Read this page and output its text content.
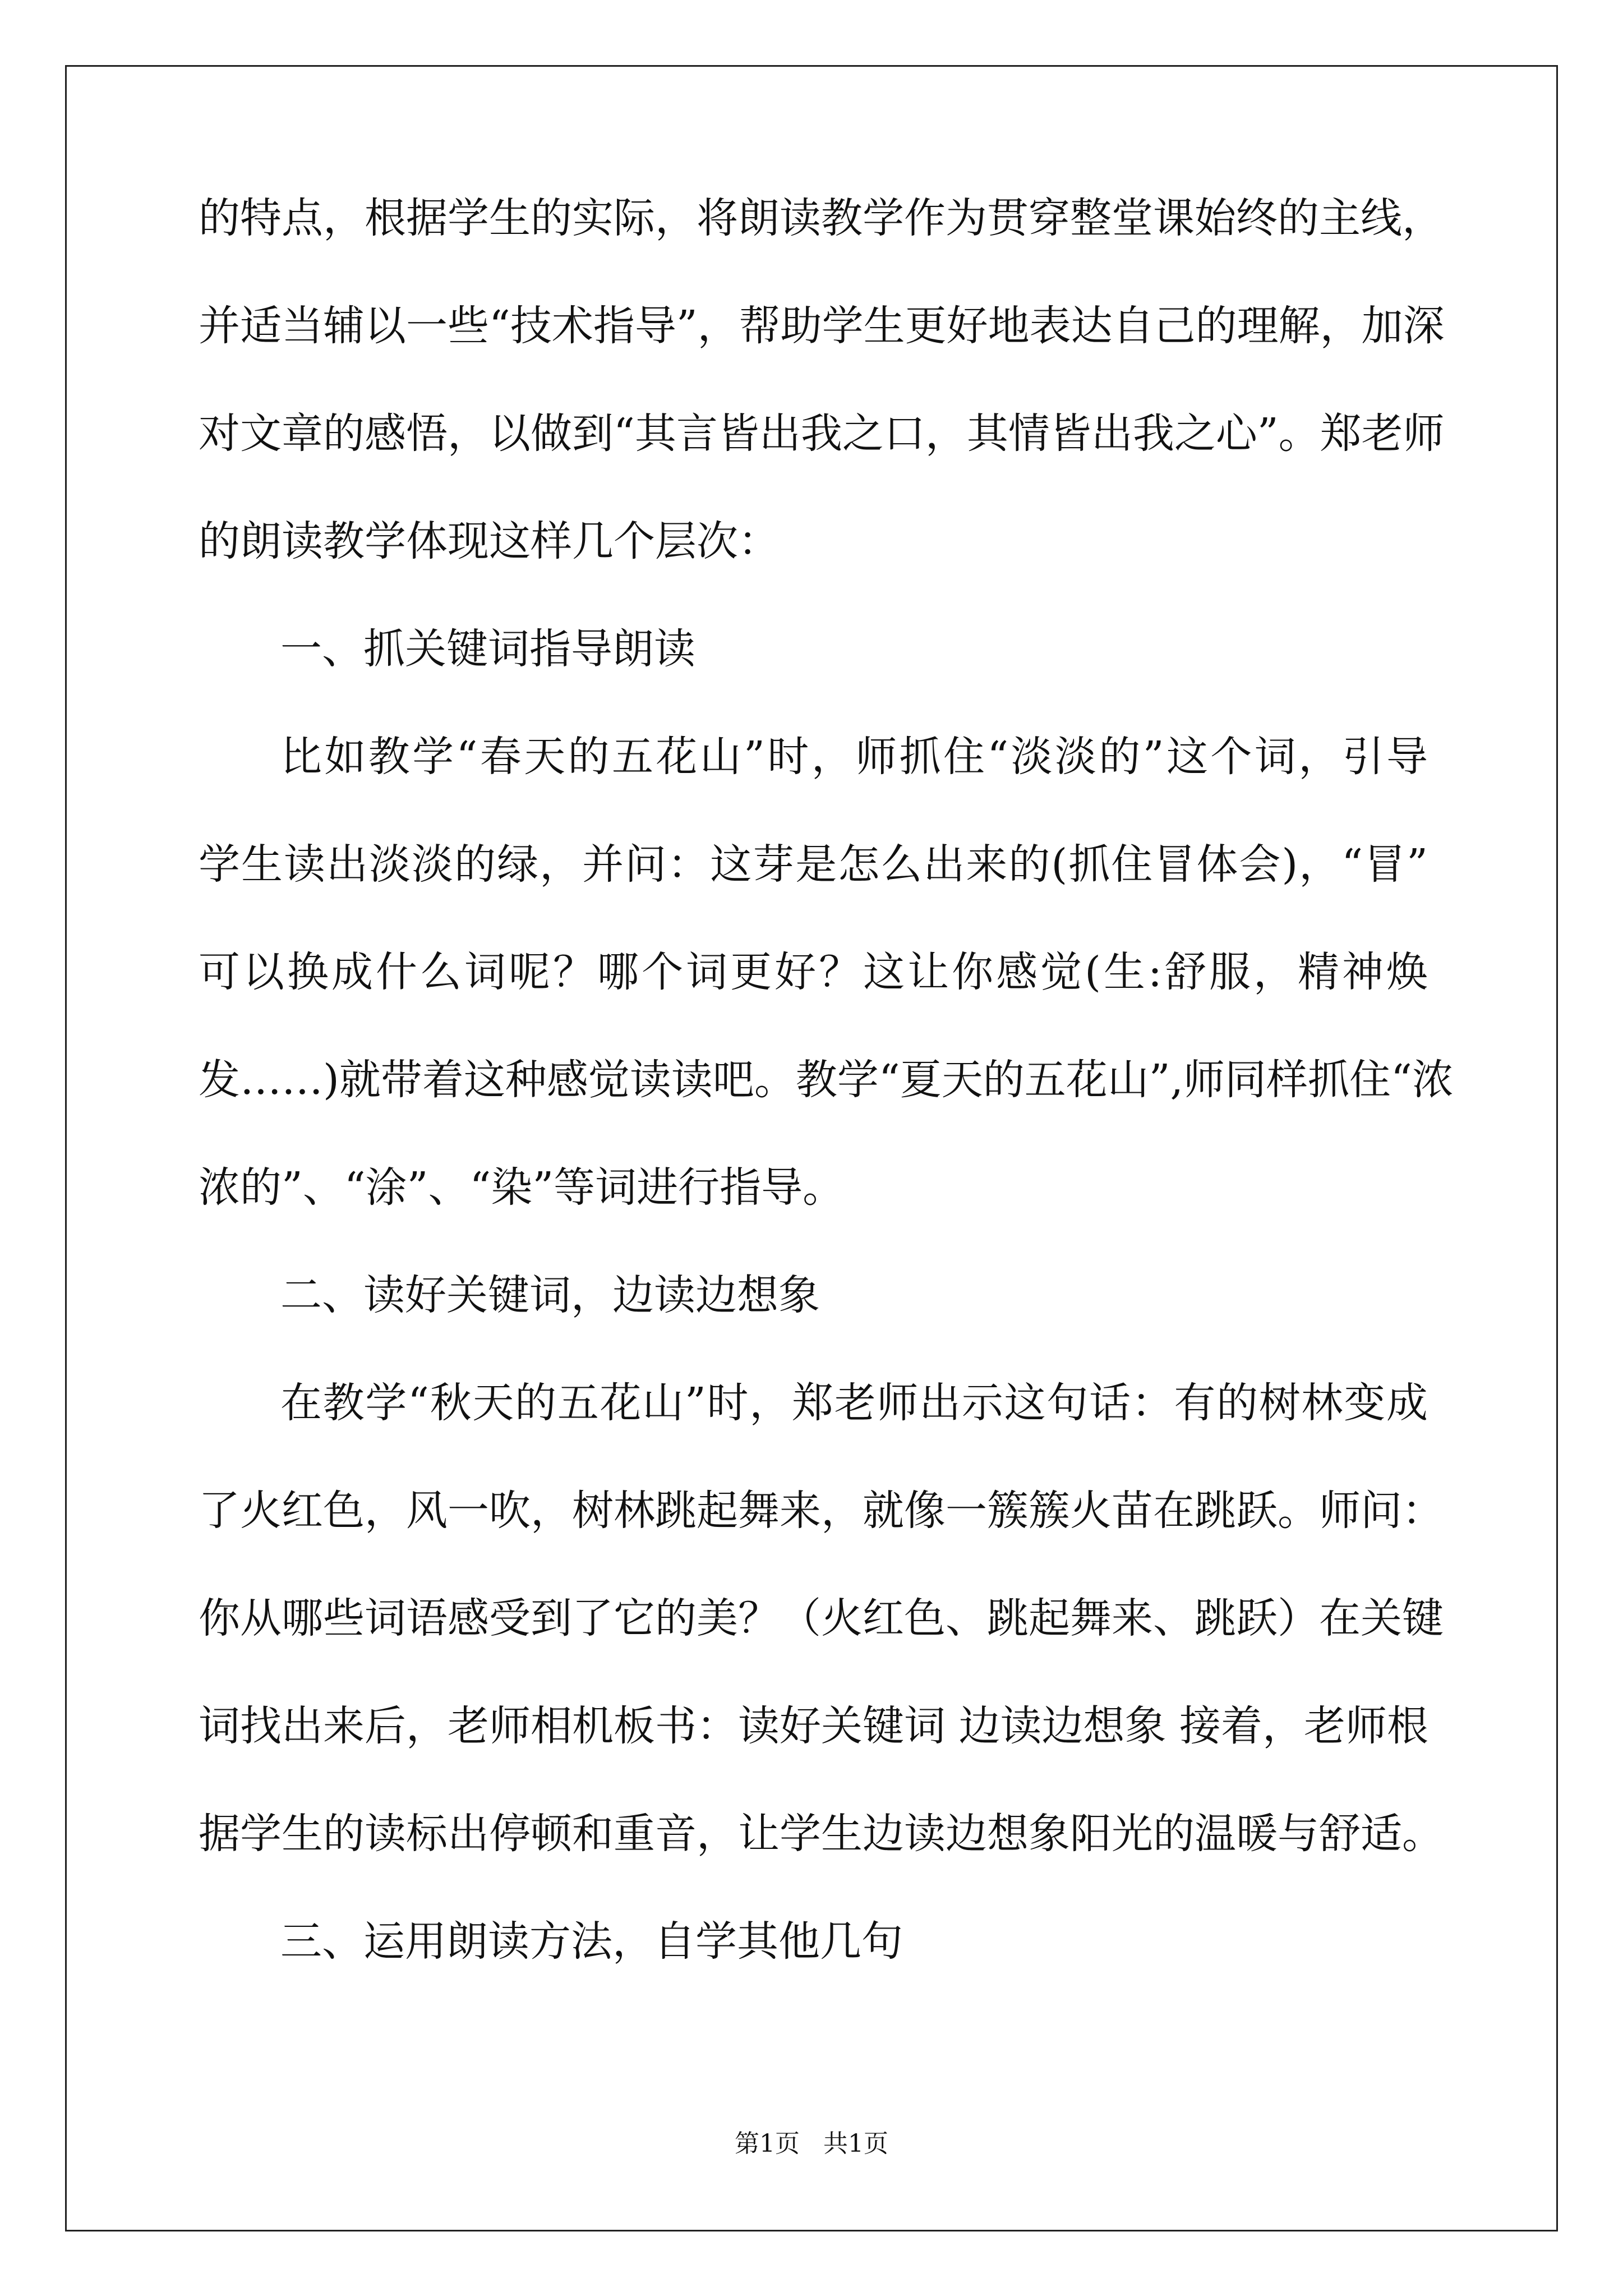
的特点，根据学生的实际，将朗读教学作为贯穿整堂课始终的主线，
并适当辅以一些“技术指导”，帮助学生更好地表达自己的理解，加深
对文章的感悟，以做到“其言皆出我之口，其情皆出我之心”。郑老师
的朗读教学体现这样几个层次：
一、抓关键词指导朗读
比如教学“春天的五花山”时，师抓住“淡淡的”这个词，引导
学生读出淡淡的绿，并问：这芽是怎么出来的(抓住冒体会)，“冒”
可以换成什么词呢？哪个词更好？这让你感觉(生:舒服，精神焕
发……)就带着这种感觉读读吧。教学“夏天的五花山”,师同样抓住“浓
浓的”、“涂”、“染”等词进行指导。
二、读好关键词，边读边想象
在教学“秋天的五花山”时，郑老师出示这句话：有的树林变成
了火红色，风一吹，树林跳起舞来，就像一簇簇火苗在跳跃。师问：
你从哪些词语感受到了它的美？（火红色、跳起舞来、跳跃）在关键
词找出来后，老师相机板书：读好关键词 边读边想象 接着，老师根
据学生的读标出停顿和重音，让学生边读边想象阳光的温暖与舒适。
三、运用朗读方法，自学其他几句
第1页   共1页
